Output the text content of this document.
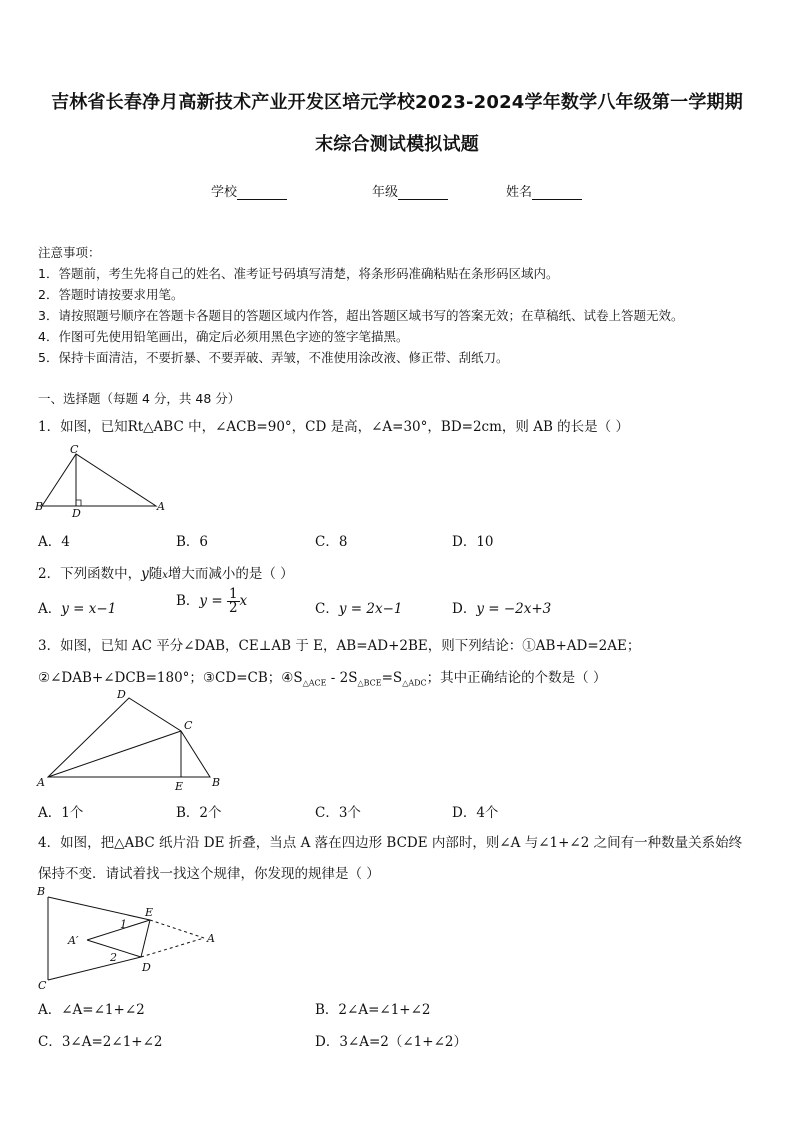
吉林省长春净月高新技术产业开发区培元学校2023-2024学年数学八年级第一学期期
末综合测试模拟试题
学校	年级	姓名
注意事项：
1．答题前，考生先将自己的姓名、准考证号码填写清楚，将条形码准确粘贴在条形码区域内。
2．答题时请按要求用笔。
3．请按照题号顺序在答题卡各题目的答题区域内作答，超出答题区域书写的答案无效；在草稿纸、试卷上答题无效。
4．作图可先使用铅笔画出，确定后必须用黑色字迹的签字笔描黑。
5．保持卡面清洁，不要折暴、不要弄破、弄皱，不准使用涂改液、修正带、刮纸刀。
一、选择题（每题 4 分，共 48 分）
1．如图，已知Rt△ABC 中，∠ACB=90°，CD 是高，∠A=30°，BD=2cm，则 AB 的长是（ ）
C
B
D
A
A．4	B．6	C．8	D．10
2．下列函数中，y随x增大而减小的是（ ）
A．y = x−1	B．$y = \frac{1}{2}$ x	C．y = 2x−1	D．y = −2x+3
3．如图，已知 AC 平分∠DAB，CE⊥AB 于 E，AB=AD+2BE，则下列结论：①AB+AD=2AE；
②∠DAB+∠DCB=180°；③CD=CB；$④S_{\triangle ACE} - 2S_{\triangle BCE}=S_{\triangle ADC}$；其中正确结论的个数是（ ）
D
C
A	E	B
A．1个	B．2个	C．3个	D．4个
4．如图，把△ABC 纸片沿 DE 折叠，当点 A 落在四边形 BCDE 内部时，则∠A 与∠1+∠2 之间有一种数量关系始终
保持不变．请试着找一找这个规律，你发现的规律是（ ）
B
E
1
A′	A
2
D
C
A．∠A=∠1+∠2	B．2∠A=∠1+∠2
C．3∠A=2∠1+∠2	D．3∠A=2（∠1+∠2）
